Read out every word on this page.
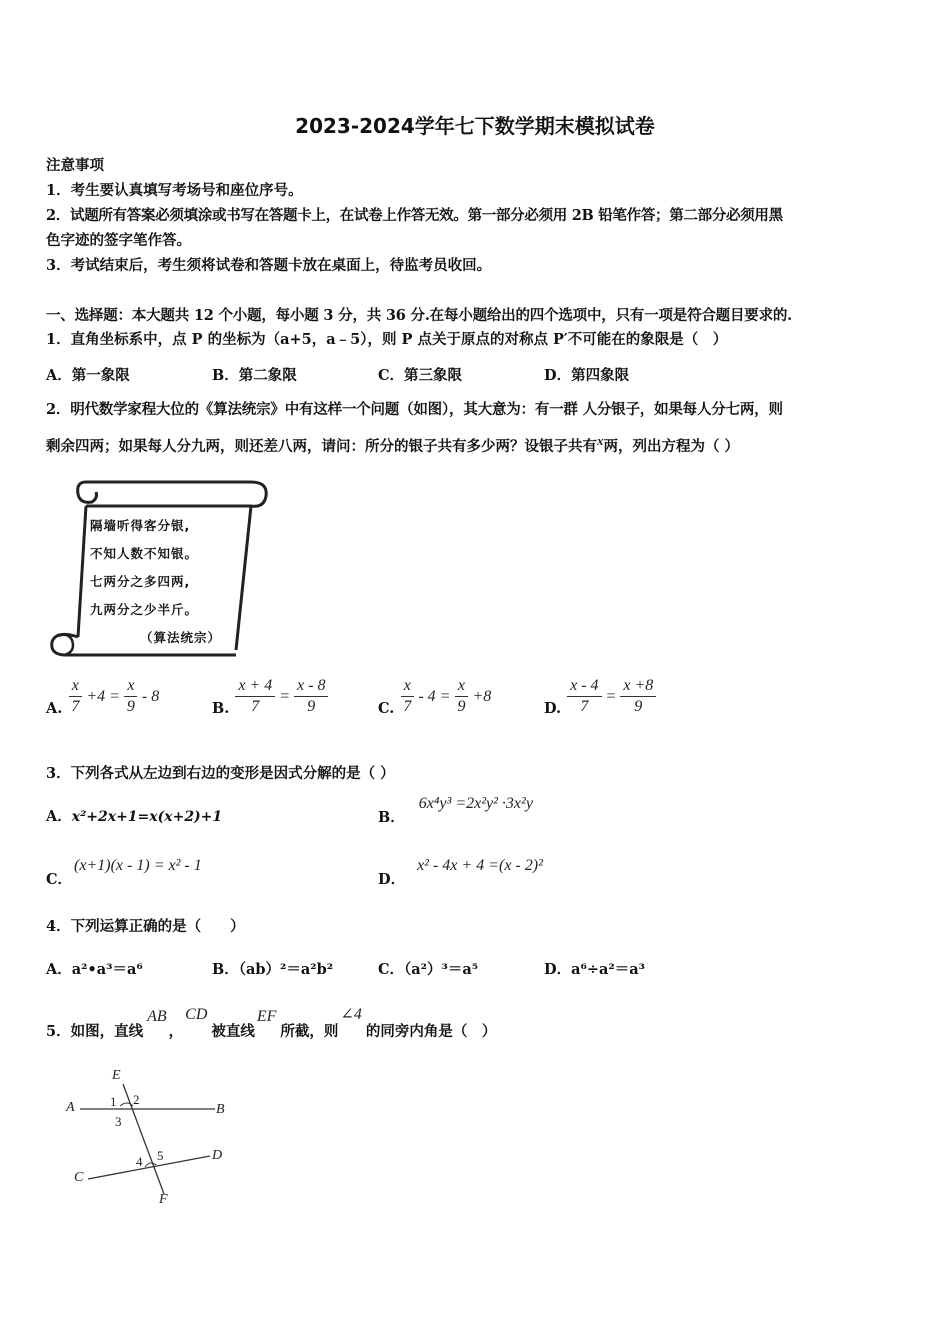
2023-2024学年七下数学期末模拟试卷
注意事项
1．考生要认真填写考场号和座位序号。
2．试题所有答案必须填涂或书写在答题卡上，在试卷上作答无效。第一部分必须用 2B 铅笔作答；第二部分必须用黑
色字迹的签字笔作答。
3．考试结束后，考生须将试卷和答题卡放在桌面上，待监考员收回。
一、选择题：本大题共 12 个小题，每小题 3 分，共 36 分.在每小题给出的四个选项中，只有一项是符合题目要求的.
1．直角坐标系中，点 P 的坐标为（a+5，a﹣5），则 P 点关于原点的对称点 P′不可能在的象限是（　）
A．第一象限	B．第二象限	C．第三象限	D．第四象限
2．明代数学家程大位的《算法统宗》中有这样一个问题（如图），其大意为：有一群 人分银子，如果每人分七两，则
剩余四两；如果每人分九两，则还差八两，请问：所分的银子共有多少两？设银子共有x两，列出方程为（ ）
隔墙听得客分银,
不知人数不知银。
七两分之多四两,
九两分之少半斤。
（算法统宗）
A. $\frac{x}{7} +4 = \frac{x}{9} - 8$
B. $\frac{x + 4}{7} = \frac{x - 8}{9}$	C. $\frac{x}{7} - 4 = \frac{x}{9} +8$
D. $\frac{x - 4}{7} = \frac{x +8}{9}$
3．下列各式从左边到右边的变形是因式分解的是（ ）
A．x²+2x+1=x(x+2)+1	B．
6x⁴y³ =2x²y² ·3x²y
C．
(x+1)(x - 1) = x² - 1
D．
x² - 4x + 4 =(x - 2)²
4．下列运算正确的是（　　）
A．a²•a³＝a⁶	B．（ab）²＝a²b²	C．（a²）³＝a⁵	D．a⁶÷a²＝a³
5．如图，直线
AB
，
CD
被直线
EF
所截，则
∠4
的同旁内角是（　）
E
A	B
C
D
F
1 2
3
4 5
